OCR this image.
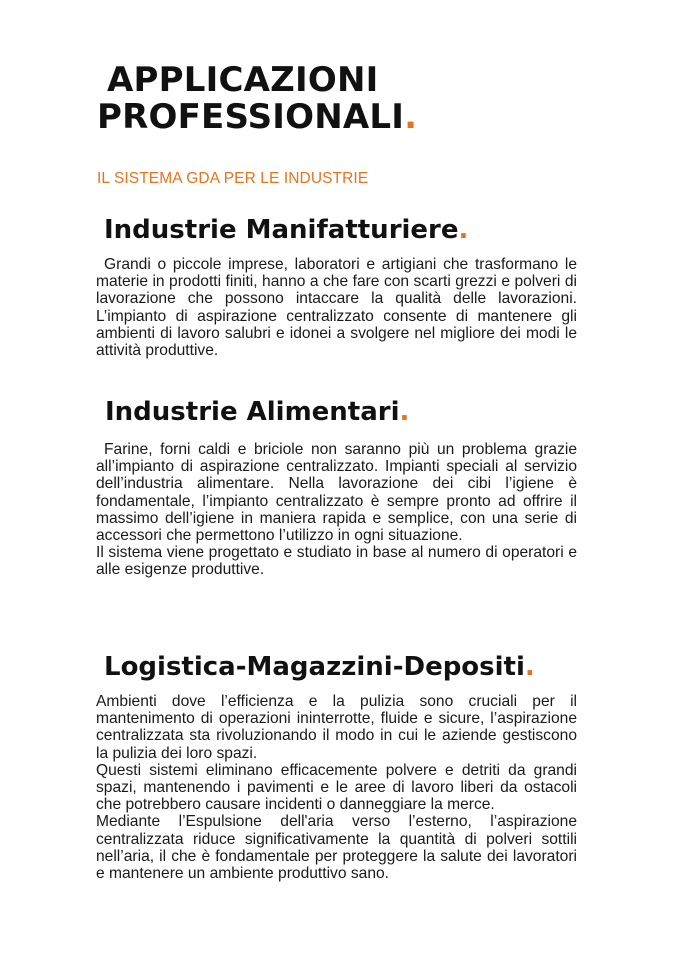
APPLICAZIONI
PROFESSIONALI.

IL SISTEMA GDA PER LE INDUSTRIE

Industrie Manifatturiere.

Grandi o piccole imprese, laboratori e artigiani che trasformano le materie in prodotti finiti, hanno a che fare con scarti grezzi e polveri di lavorazione che possono intaccare la qualità delle lavorazioni. L’impianto di aspirazione centralizzato consente di mantenere gli ambienti di lavoro salubri e idonei a svolgere nel migliore dei modi le attività produttive.

Industrie Alimentari.

Farine, forni caldi e briciole non saranno più un problema grazie all’impianto di aspirazione centralizzato. Impianti speciali al servizio dell’industria alimentare. Nella lavorazione dei cibi l’igiene è fondamentale, l’impianto centralizzato è sempre pronto ad offrire il massimo dell’igiene in maniera rapida e semplice, con una serie di accessori che permettono l’utilizzo in ogni situazione.

Il sistema viene progettato e studiato in base al numero di operatori e alle esigenze produttive.

Logistica-Magazzini-Depositi.

Ambienti dove l’efficienza e la pulizia sono cruciali per il mantenimento di operazioni ininterrotte, fluide e sicure, l’aspirazione centralizzata sta rivoluzionando il modo in cui le aziende gestiscono la pulizia dei loro spazi.

Questi sistemi eliminano efficacemente polvere e detriti da grandi spazi, mantenendo i pavimenti e le aree di lavoro liberi da ostacoli che potrebbero causare incidenti o danneggiare la merce.

Mediante l’Espulsione dell'aria verso l’esterno, l’aspirazione centralizzata riduce significativamente la quantità di polveri sottili nell’aria, il che è fondamentale per proteggere la salute dei lavoratori e mantenere un ambiente produttivo sano.
